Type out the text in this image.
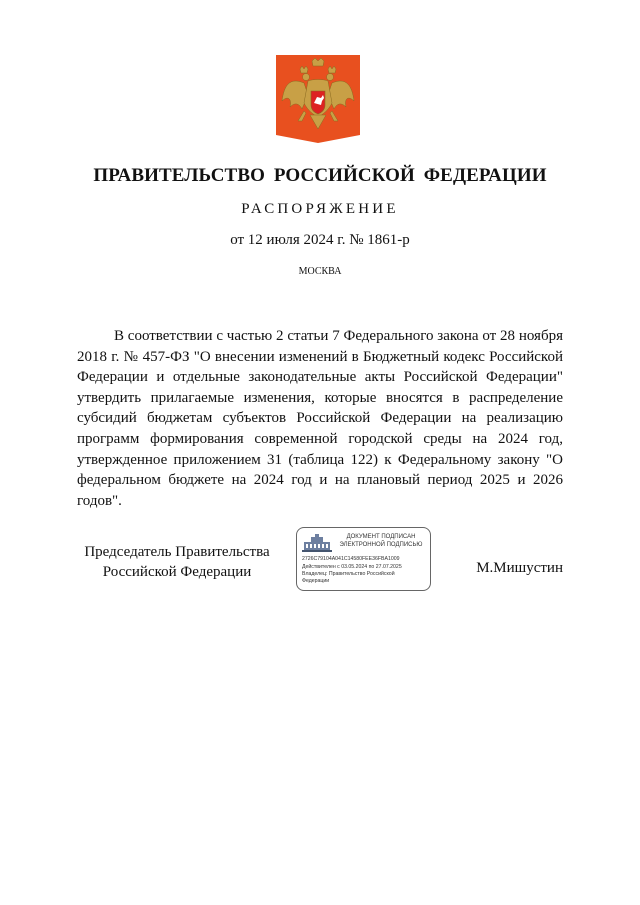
ПРАВИТЕЛЬСТВО РОССИЙСКОЙ ФЕДЕРАЦИИ
РАСПОРЯЖЕНИЕ
от 12 июля 2024 г. № 1861-р
МОСКВА
В соответствии с частью 2 статьи 7 Федерального закона от 28 ноября 2018 г. № 457-ФЗ "О внесении изменений в Бюджетный кодекс Российской Федерации и отдельные законодательные акты Российской Федерации" утвердить прилагаемые изменения, которые вносятся в распределение субсидий бюджетам субъектов Российской Федерации на реализацию программ формирования современной городской среды на 2024 год, утвержденное приложением 31 (таблица 122) к Федеральному закону "О федеральном бюджете на 2024 год и на плановый период 2025 и 2026 годов".
Председатель Правительства
Российской Федерации
ДОКУМЕНТ ПОДПИСАН
ЭЛЕКТРОННОЙ ПОДПИСЬЮ
2726C79104A041C14580FEE36FBA1009
Действителен с 03.05.2024 по 27.07.2025
Владелец: Правительство Российской
Федерации
М.Мишустин
